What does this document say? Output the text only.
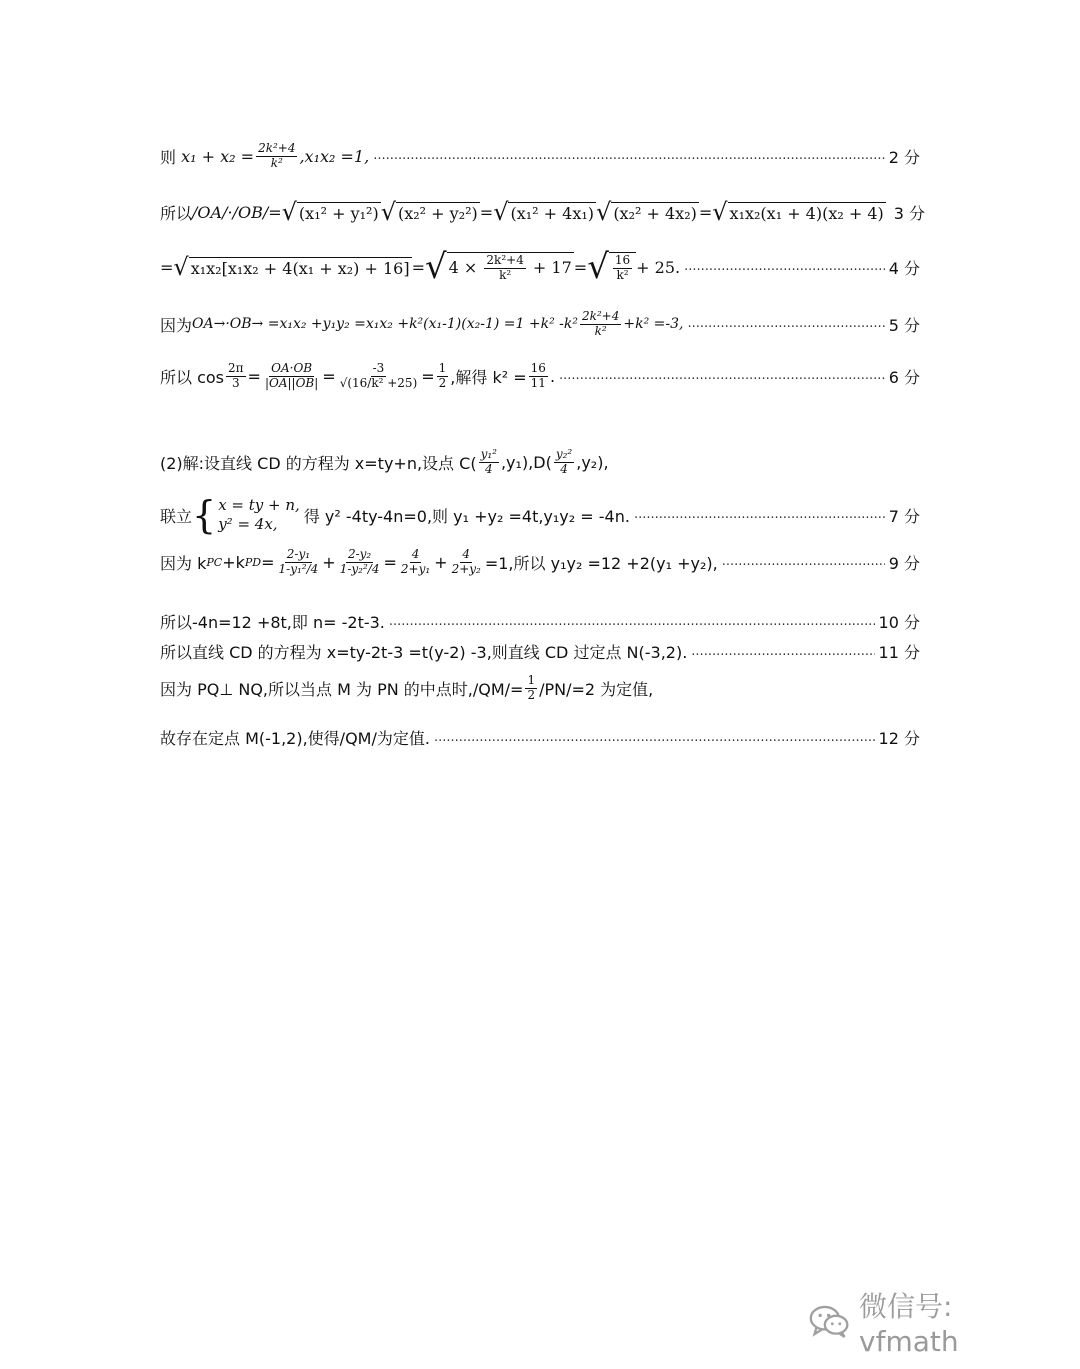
则
$x_1 + x_2 = \frac{\text{2k²+4}}{\text{k²}} ,x_1x_2 =1$, .....	2 分
所以 /OA/·/OB/= √ (x₁² + y₁²) √ (x₂² + y₂²) = √ (x₁² + 4x₁) √ (x₂² + 4x₂) = √ x₁x₂(x₁ + 4)(x₂ + 4) 3 分
= √ x₁x₂[x₁x₂ + 4(x₁ + x₂) + 16] = √ $4 \times \frac{\text{2k²+4}}{\text{k²}} + 17$ = √ $\frac{16}{\text{k²}} + 25$. .....	4 分
因为 OA→·OB→ =x₁x₂ +y₁y₂ =x₁x₂ +k²(x₁-1)(x₂-1) =1 +k² $-k^2 \frac{\text{2k²+4}}{\text{k²}} +k^2 =-3$, .....	5 分
所以 $\cos \frac{2\pi}{3} = \frac{OA\cdot OB}{|OA||OB|} = \frac{-3}{\text{√(16/k² +25)}} = \frac{1}{2}$ ,解得 $k^2 = \frac{16}{11}$ . .....	6 分
(2)解:设直线 CD 的方程为 x=ty+n,设点 $C( \frac{\text{y₁²}}{4} ,y_1),D( \frac{\text{y₂²}}{4} ,y_2)$,
联立 { x = ty + n,
y² = 4x,	得 y² -4ty-4n=0,则 y₁ +y₂ =4t,y₁y₂ = -4n. .....	7 分
因为 k PC +k PD = $\frac{\text{2-y₁}}{\text{1-y₁²/4}} + \frac{\text{2-y₂}}{\text{1-y₂²/4}} = \frac{4}{\text{2+y₁}} + \frac{4}{\text{2+y₂}} =1$,所以 y₁y₂ =12 +2(y₁ +y₂), .....	9 分
所以-4n=12 +8t,即 n= -2t-3. .....	10 分
所以直线 CD 的方程为 x=ty-2t-3 =t(y-2) -3,则直线 CD 过定点 N(-3,2). .....	11 分
因为 PQ⊥ NQ,所以当点 M 为 PN 的中点时$,/QM/= \frac{1}{2} /PN/=2$ 为定值,
故存在定点 M(-1,2),使得/QM/为定值. .....	12 分
微信号: vfmath
